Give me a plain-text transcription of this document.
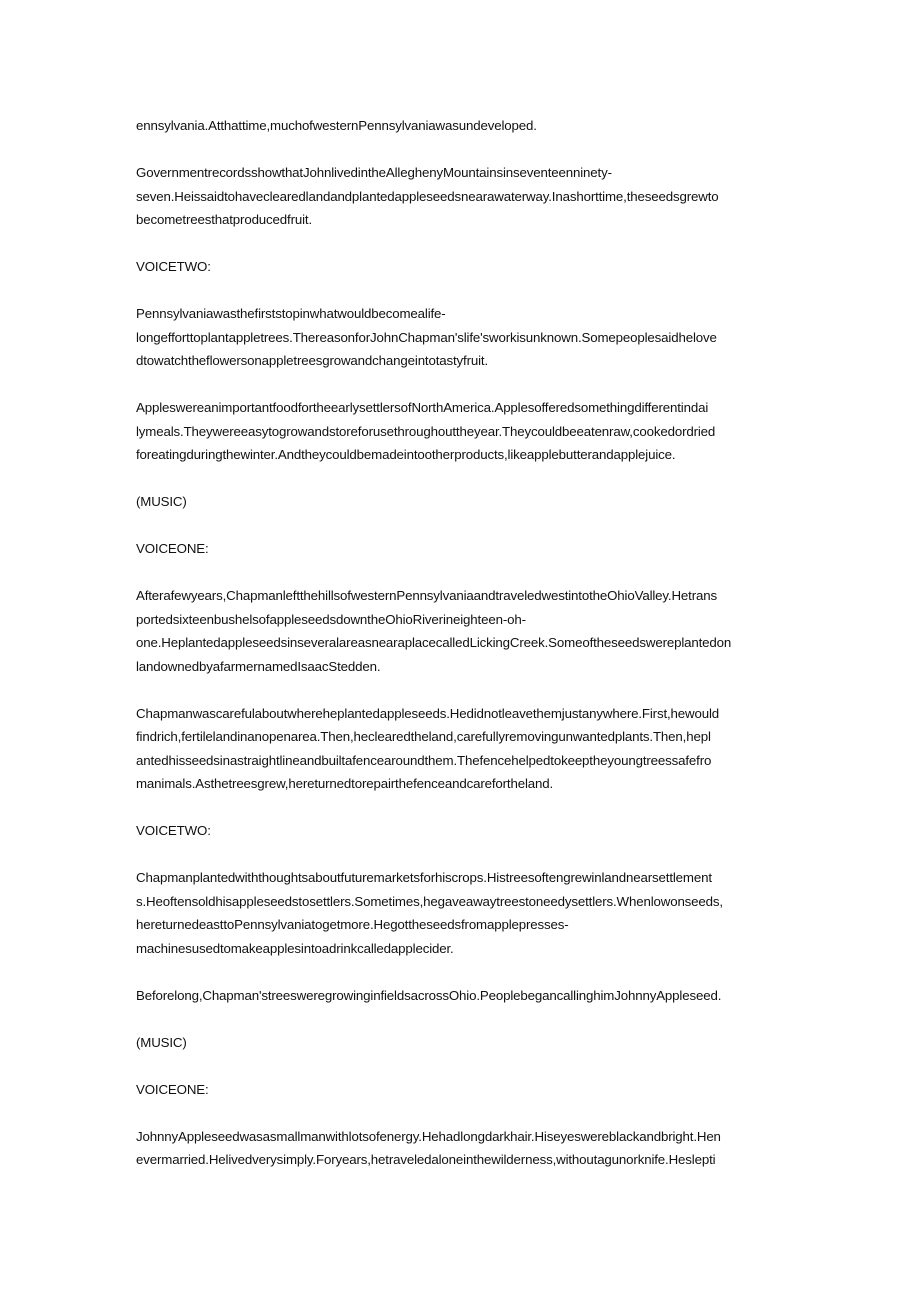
ennsylvania.Atthattime,muchofwesternPennsylvaniawasundeveloped.

GovernmentrecordsshowthatJohnlivedintheAlleghenyMountainsinseventeenninety-
seven.Heissaidtohaveclearedlandandplantedappleseedsnearawaterway.Inashorttime,theseedsgrewto
becometreesthatproducedfruit.

VOICETWO:

Pennsylvaniawasthefirststopinwhatwouldbecomealife-
longefforttoplantappletrees.ThereasonforJohnChapman'slife'sworkisunknown.Somepeoplesaidhelove
dtowatchtheflowersonappletreesgrowandchangeintotastyfruit.

AppleswereanimportantfoodfortheearlysettlersofNorthAmerica.Applesofferedsomethingdifferentindai
lymeals.Theywereeasytogrowandstoreforusethroughouttheyear.Theycouldbeeatenraw,cookedordried
foreatingduringthewinter.Andtheycouldbemadeintootherproducts,likeapplebutterandapplejuice.

(MUSIC)

VOICEONE:

Afterafewyears,ChapmanleftthehillsofwesternPennsylvaniaandtraveledwestintotheOhioValley.Hetrans
portedsixteenbushelsofappleseedsdowntheOhioRiverineighteen-oh-
one.HeplantedappleseedsinseveralareasnearaplacecalledLickingCreek.Someoftheseedswereplantedon
landownedbyafarmernamedIsaacStedden.

Chapmanwascarefulaboutwhereheplantedappleseeds.Hedidnotleavethemjustanywhere.First,hewould
findrich,fertilelandinanopenarea.Then,heclearedtheland,carefullyremovingunwantedplants.Then,hepl
antedhisseedsinastraightlineandbuiltafencearoundthem.Thefencehelpedtokeeptheyoungtreessafefro
manimals.Asthetreesgrew,hereturnedtorepairthefenceandcarefortheland.

VOICETWO:

Chapmanplantedwiththoughtsaboutfuturemarketsforhiscrops.Histreesoftengrewinlandnearsettlement
s.Heoftensoldhisappleseedstosettlers.Sometimes,hegaveawaytreestoneedysettlers.Whenlowonseeds,
hereturnedeasttoPennsylvaniatogetmore.Hegottheseedsfromapplepresses-
machinesusedtomakeapplesintoadrinkcalledapplecider.

Beforelong,Chapman'streesweregrowinginfieldsacrossOhio.PeoplebegancallinghimJohnnyAppleseed.

(MUSIC)

VOICEONE:

JohnnyAppleseedwasasmallmanwithlotsofenergy.Hehadlongdarkhair.Hiseyeswereblackandbright.Hen
evermarried.Helivedverysimply.Foryears,hetraveledaloneinthewilderness,withoutagunorknife.Heslepti
